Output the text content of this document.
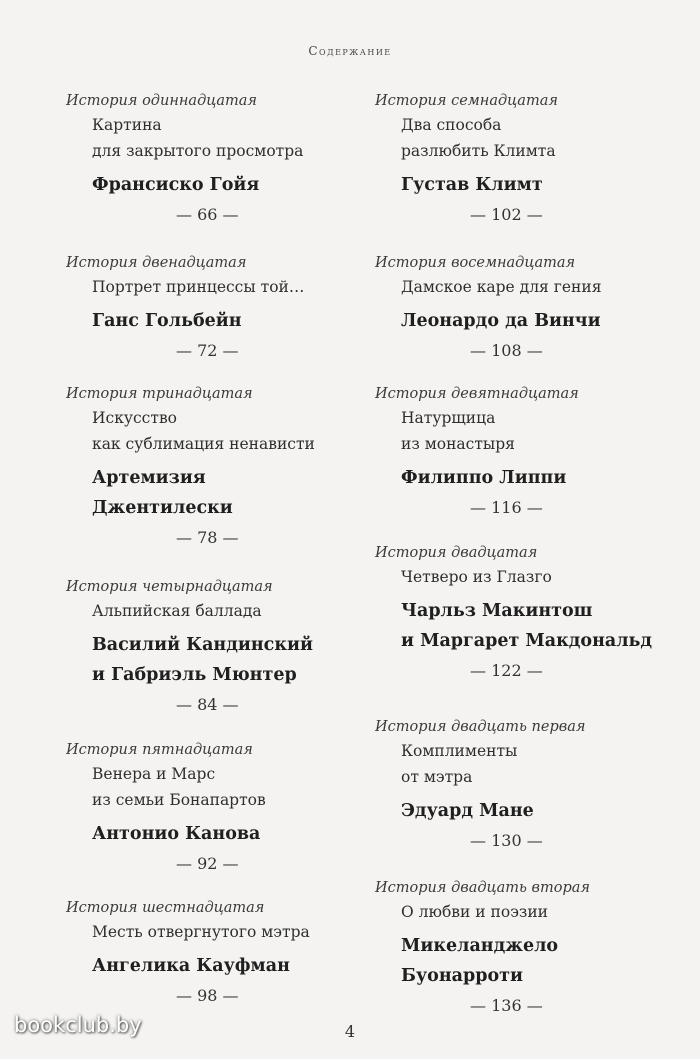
Содержание
История одиннадцатая
Картина
для закрытого просмотра
Франсиско Гойя
— 66 —
История двенадцатая
Портрет принцессы той…
Ганс Гольбейн
— 72 —
История тринадцатая
Искусство
как сублимация ненависти
Артемизия
Джентилески
— 78 —
История четырнадцатая
Альпийская баллада
Василий Кандинский
и Габриэль Мюнтер
— 84 —
История пятнадцатая
Венера и Марс
из семьи Бонапартов
Антонио Канова
— 92 —
История шестнадцатая
Месть отвергнутого мэтра
Ангелика Кауфман
— 98 —
История семнадцатая
Два способа
разлюбить Климта
Густав Климт
— 102 —
История восемнадцатая
Дамское каре для гения
Леонардо да Винчи
— 108 —
История девятнадцатая
Натурщица
из монастыря
Филиппо Липпи
— 116 —
История двадцатая
Четверо из Глазго
Чарльз Макинтош
и Маргарет Макдональд
— 122 —
История двадцать первая
Комплименты
от мэтра
Эдуард Мане
— 130 —
История двадцать вторая
О любви и поэзии
Микеланджело
Буонарроти
— 136 —
4
bookclub.by
